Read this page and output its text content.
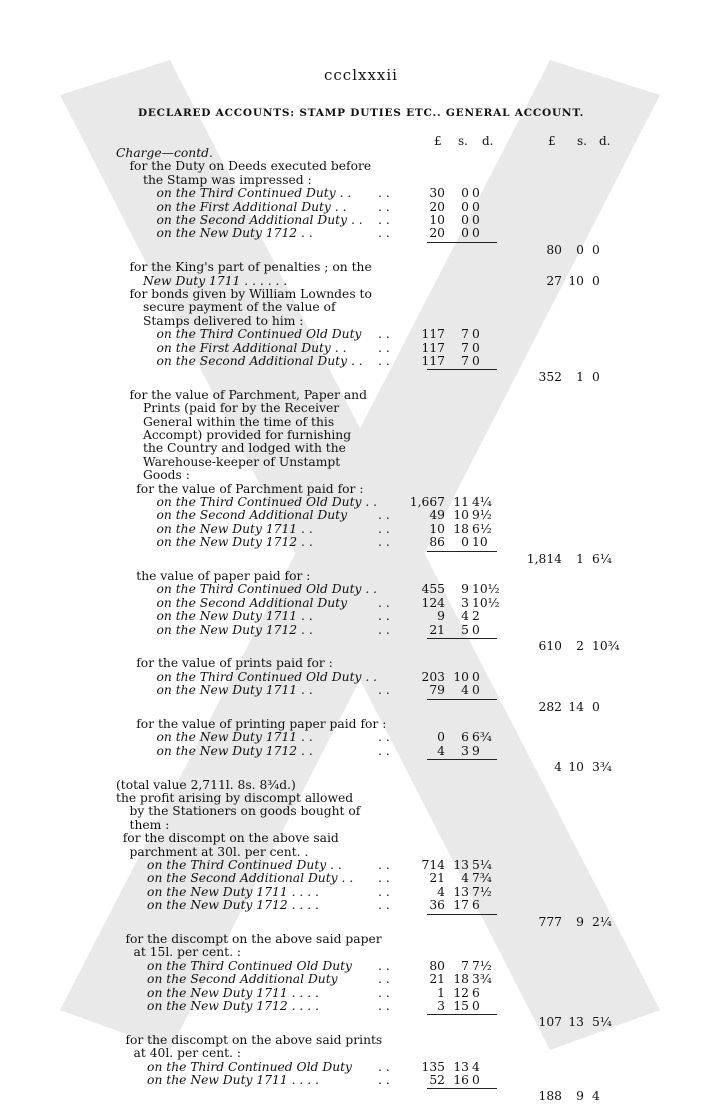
ccclxxxii
DECLARED ACCOUNTS: STAMP DUTIES ETC.. GENERAL ACCOUNT.
£ s. d.	£ s. d.
Charge—contd.
for the Duty on Deeds executed before
the Stamp was impressed :
on the Third Continued Duty . . . .	30	0 0
on the First Additional Duty . .	. .	20	0 0
on the Second Additional Duty . . . .	10	0 0
on the New Duty 1712 . .	. .	20	0 0
80	0 0
for the King's part of penalties ; on the
New Duty 1711 . . . . . .	27 10 0
for bonds given by William Lowndes to
secure payment of the value of
Stamps delivered to him :
on the Third Continued Old Duty . .	117	7 0
on the First Additional Duty . .	. .	117	7 0
on the Second Additional Duty . . . .	117	7 0
352	1 0
for the value of Parchment, Paper and
Prints (paid for by the Receiver
General within the time of this
Accompt) provided for furnishing
the Country and lodged with the
Warehouse-keeper of Unstampt
Goods :
for the value of Parchment paid for :
on the Third Continued Old Duty . .	1,667 11 4¼
on the Second Additional Duty	. .	49 10 9½
on the New Duty 1711 . .	. .	10 18 6½
on the New Duty 1712 . .	. .	86	0 10
1,814	1 6¼
the value of paper paid for :
on the Third Continued Old Duty . .	455	9 10½
on the Second Additional Duty	. .	124	3 10½
on the New Duty 1711 . .	. .	9	4 2
on the New Duty 1712 . .	. .	21	5 0
610	2 10¾
for the value of prints paid for :
on the Third Continued Old Duty . .	203 10 0
on the New Duty 1711 . .	. .	79	4 0
282 14 0
for the value of printing paper paid for :
on the New Duty 1711 . .	. .	0	6 6¾
on the New Duty 1712 . .	. .	4	3 9
4 10 3¾
(total value 2,711l. 8s. 8¾d.)
the profit arising by discompt allowed
by the Stationers on goods bought of
them :
for the discompt on the above said
parchment at 30l. per cent. .
on the Third Continued Duty . .	. .	714 13 5¼
on the Second Additional Duty . . . .	21	4 7¾
on the New Duty 1711 . . . .	. .	4 13 7½
on the New Duty 1712 . . . .	. .	36 17 6
777	9 2¼
for the discompt on the above said paper
at 15l. per cent. :
on the Third Continued Old Duty . .	80	7 7½
on the Second Additional Duty	. .	21 18 3¾
on the New Duty 1711 . . . .	. .	1 12 6
on the New Duty 1712 . . . .	. .	3 15 0
107 13 5¼
for the discompt on the above said prints
at 40l. per cent. :
on the Third Continued Old Duty . .	135 13 4
on the New Duty 1711 . . . .	. .	52 16 0
188	9 4
